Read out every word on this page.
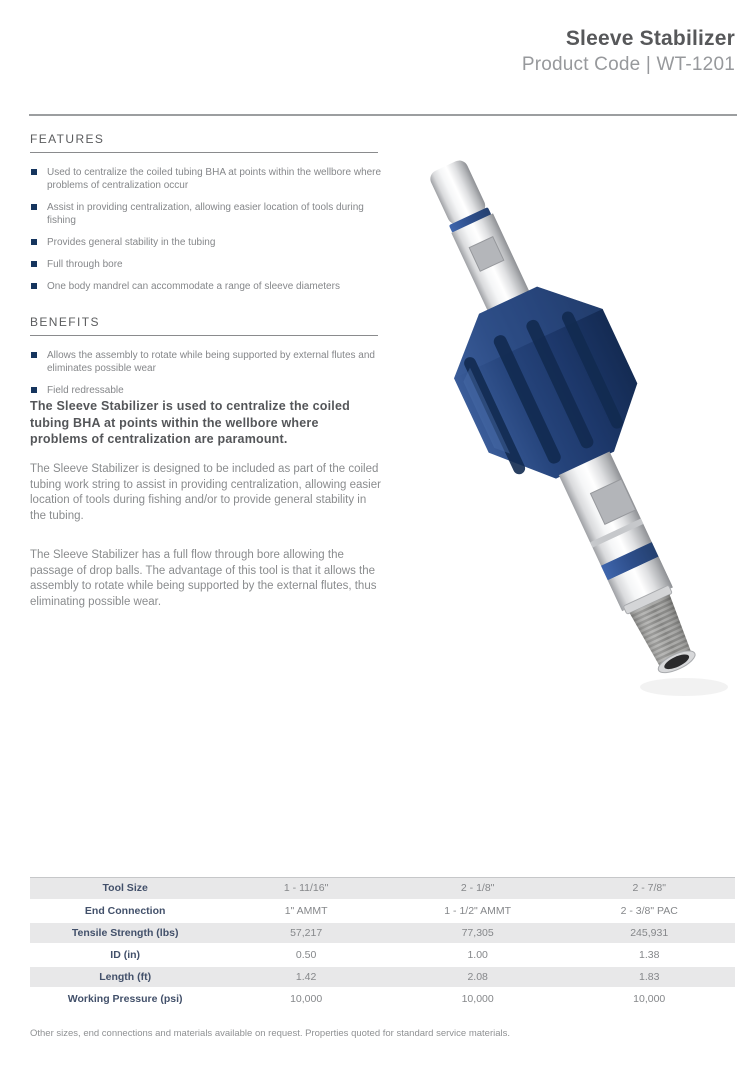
Sleeve Stabilizer
Product Code | WT-1201
FEATURES
Used to centralize the coiled tubing BHA at points within the wellbore where problems of centralization occur
Assist in providing centralization, allowing easier location of tools during fishing
Provides general stability in the tubing
Full through bore
One body mandrel can accommodate a range of sleeve diameters
BENEFITS
Allows the assembly to rotate while being supported by external flutes and eliminates possible wear
Field redressable
The Sleeve Stabilizer is used to centralize the coiled tubing BHA at points within the wellbore where problems of centralization are paramount.
The Sleeve Stabilizer is designed to be included as part of the coiled tubing work string to assist in providing centralization, allowing easier location of tools during fishing and/or to provide general stability in the tubing.
The Sleeve Stabilizer has a full flow through bore allowing the passage of drop balls. The advantage of this tool is that it allows the assembly to rotate while being supported by the external flutes, thus eliminating possible wear.
Tool Size	1 - 11/16"	2 - 1/8"	2 - 7/8"
End Connection	1" AMMT	1 - 1/2" AMMT	2 - 3/8" PAC
Tensile Strength (lbs)	57,217	77,305	245,931
ID (in)	0.50	1.00	1.38
Length (ft)	1.42	2.08	1.83
Working Pressure (psi)	10,000	10,000	10,000
Other sizes, end connections and materials available on request. Properties quoted for standard service materials.
